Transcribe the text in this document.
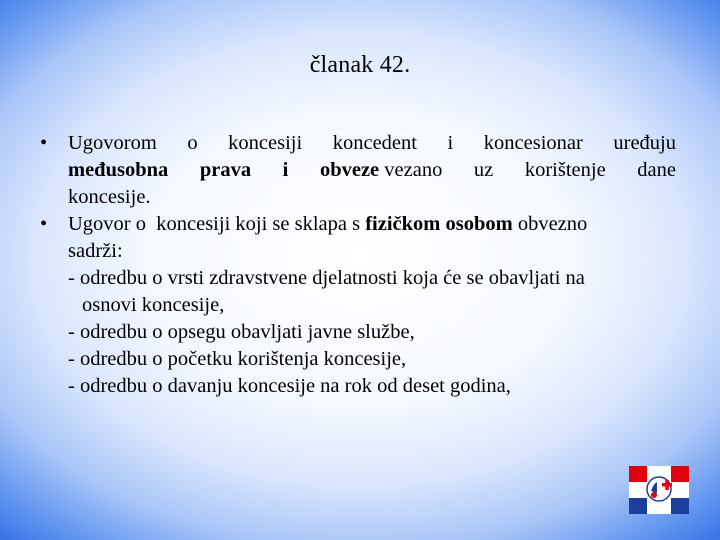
članak 42.
• Ugovorom o koncesiji koncedent i koncesionar uređuju
međusobna prava i obveze vezano uz korištenje dane
koncesije.
• Ugovor o  koncesiji koji se sklapa s fizičkom osobom obvezno
sadrži:
- odredbu o vrsti zdravstvene djelatnosti koja će se obavljati na
osnovi koncesije,
- odredbu o opsegu obavljati javne službe,
- odredbu o početku korištenja koncesije,
- odredbu o davanju koncesije na rok od deset godina,
